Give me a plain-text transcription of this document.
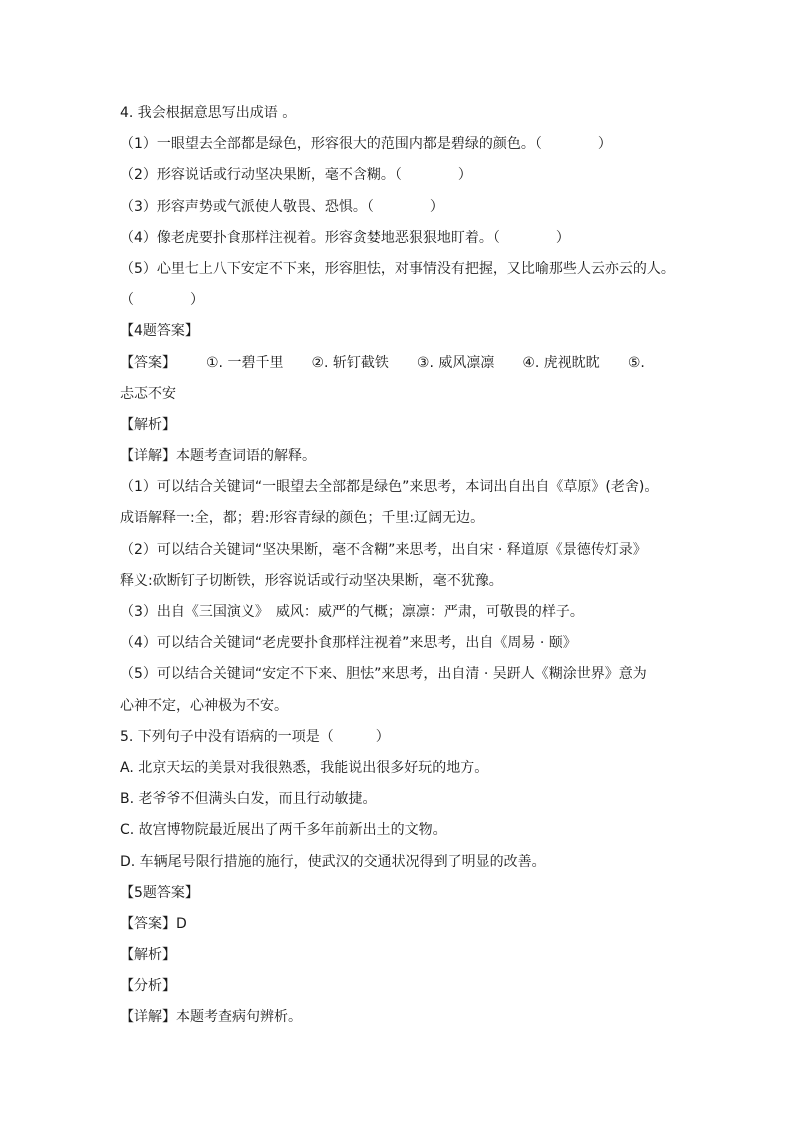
4. 我会根据意思写出成语 。
（1）一眼望去全部都是绿色，形容很大的范围内都是碧绿的颜色。（　　　　）
（2）形容说话或行动坚决果断，毫不含糊。（　　　　）
（3）形容声势或气派使人敬畏、恐惧。（　　　　）
（4）像老虎要扑食那样注视着。形容贪婪地恶狠狠地盯着。（　　　　）
（5）心里七上八下安定不下来，形容胆怯，对事情没有把握，又比喻那些人云亦云的人。
（　　　　）
【4题答案】
【答案】	①. 一碧千里 ②. 斩钉截铁 ③. 威风凛凛 ④. 虎视眈眈 ⑤.
忐忑不安
【解析】
【详解】本题考查词语的解释。
（1）可以结合关键词“一眼望去全部都是绿色”来思考，本词出自出自《草原》(老舍)。
成语解释一:全，都；碧:形容青绿的颜色；千里:辽阔无边。
（2）可以结合关键词“坚决果断，毫不含糊”来思考，出自宋 · 释道原《景德传灯录》
释义:砍断钉子切断铁，形容说话或行动坚决果断，毫不犹豫。
（3）出自《三国演义》　威风：威严的气概；凛凛：严肃，可敬畏的样子。
（4）可以结合关键词“老虎要扑食那样注视着”来思考，出自《周易 · 颐》
（5）可以结合关键词“安定不下来、胆怯”来思考，出自清 · 吴趼人《糊涂世界》意为
心神不定，心神极为不安。
5. 下列句子中没有语病的一项是（　　　）
A. 北京天坛的美景对我很熟悉，我能说出很多好玩的地方。
B. 老爷爷不但满头白发，而且行动敏捷。
C. 故宫博物院最近展出了两千多年前新出土的文物。
D. 车辆尾号限行措施的施行，使武汉的交通状况得到了明显的改善。
【5题答案】
【答案】D
【解析】
【分析】
【详解】本题考查病句辨析。
